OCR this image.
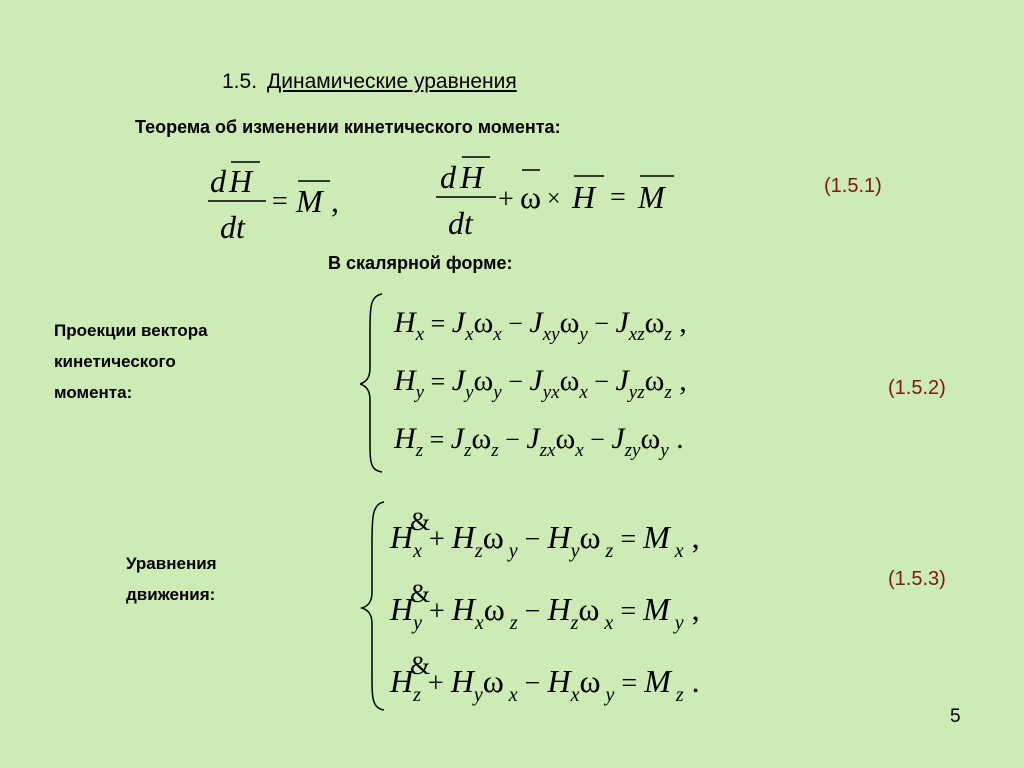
1.5. Динамические уравнения
Теорема об изменении кинетического момента:
d H
dt
= M ,
d H
dt
+ ω × H = M	(1.5.1)
В скалярной форме:
Проекции вектора
кинетического
момента:
$H_x = J_x\omega_x - J_{xy}\omega_y - J_{xz}\omega_z$ ,
$H_y = J_y\omega_y - J_{yx}\omega_x - J_{yz}\omega_z$ ,
$H_z = J_z\omega_z - J_{zx}\omega_x - J_{zy}\omega_y$ .
(1.5.2)
Уравнения
движения:
&
&
&
$H_x + H_z\omega$ $_y - H_y\omega$ $_z$ = M $_x$ ,
$H_y + H_x\omega$ $_z - H_z\omega$ $_x$ = M $_y$ ,
$H_z + H_y\omega$ $_x - H_x\omega$ $_y$ = M $_z$ .
(1.5.3)
5
